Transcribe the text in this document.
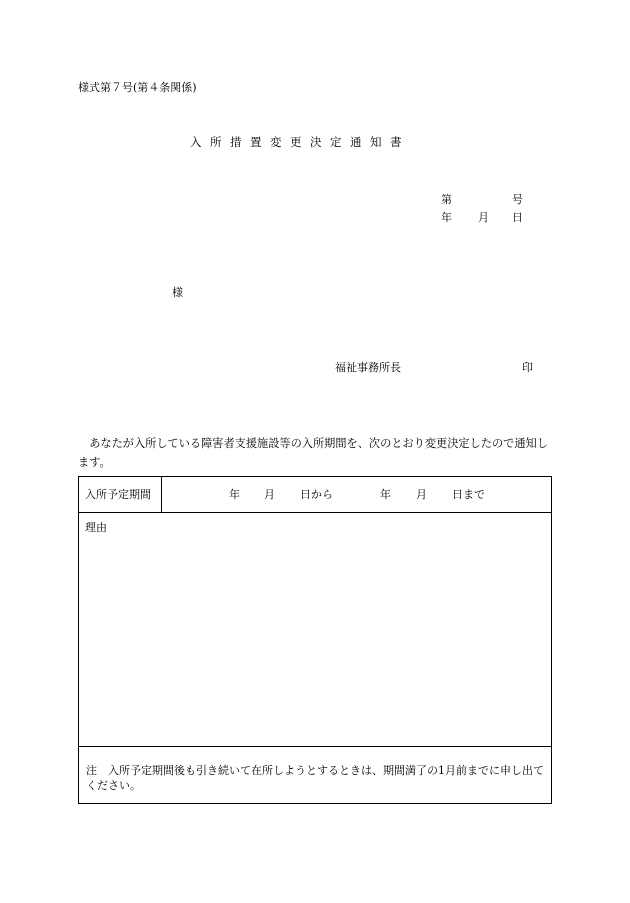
様式第７号(第４条関係)
入所措置変更決定通知書
第	号
年 月 日
様
福祉事務所長	印
　あなたが入所している障害者支援施設等の入所期間を、次のとおり変更決定したので通知します。
入所予定期間	年 月 日から	年 月 日まで
理由
注　入所予定期間後も引き続いて在所しようとするときは、期間満了の1月前までに申し出てください。
